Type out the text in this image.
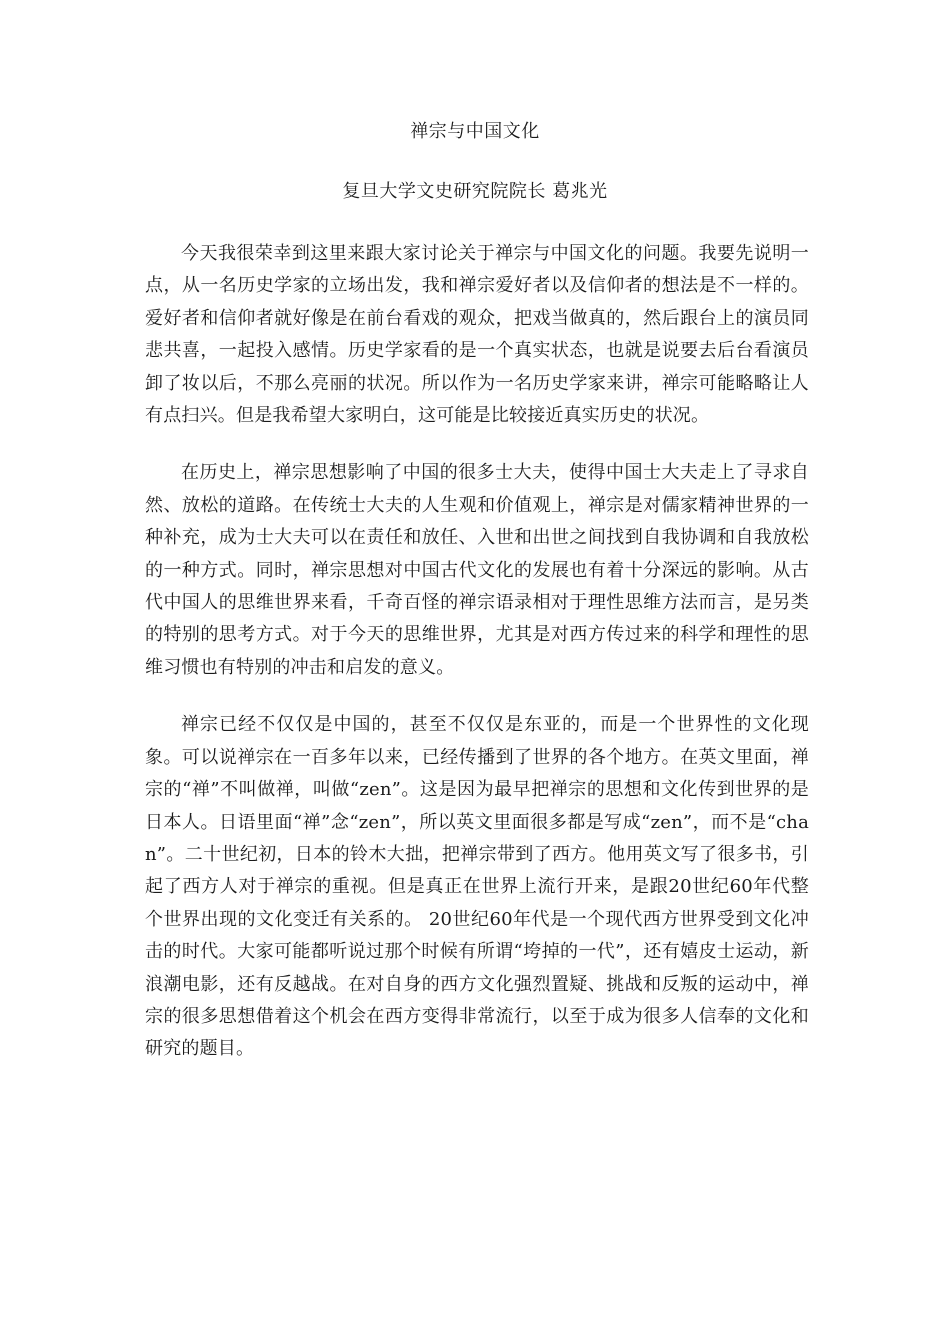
禅宗与中国文化
复旦大学文史研究院院长 葛兆光

今天我很荣幸到这里来跟大家讨论关于禅宗与中国文化的问题。我要先说明一点，从一名历史学家的立场出发，我和禅宗爱好者以及信仰者的想法是不一样的。爱好者和信仰者就好像是在前台看戏的观众，把戏当做真的，然后跟台上的演员同悲共喜，一起投入感情。历史学家看的是一个真实状态，也就是说要去后台看演员卸了妆以后，不那么亮丽的状况。所以作为一名历史学家来讲，禅宗可能略略让人有点扫兴。但是我希望大家明白，这可能是比较接近真实历史的状况。

在历史上，禅宗思想影响了中国的很多士大夫，使得中国士大夫走上了寻求自然、放松的道路。在传统士大夫的人生观和价值观上，禅宗是对儒家精神世界的一种补充，成为士大夫可以在责任和放任、入世和出世之间找到自我协调和自我放松的一种方式。同时，禅宗思想对中国古代文化的发展也有着十分深远的影响。从古代中国人的思维世界来看，千奇百怪的禅宗语录相对于理性思维方法而言，是另类的特别的思考方式。对于今天的思维世界，尤其是对西方传过来的科学和理性的思维习惯也有特别的冲击和启发的意义。

禅宗已经不仅仅是中国的，甚至不仅仅是东亚的，而是一个世界性的文化现象。可以说禅宗在一百多年以来，已经传播到了世界的各个地方。在英文里面，禅宗的“禅”不叫做禅，叫做“zen”。这是因为最早把禅宗的思想和文化传到世界的是日本人。日语里面“禅”念“zen”，所以英文里面很多都是写成“zen”，而不是“chan”。二十世纪初，日本的铃木大拙，把禅宗带到了西方。他用英文写了很多书，引起了西方人对于禅宗的重视。但是真正在世界上流行开来，是跟20世纪60年代整个世界出现的文化变迁有关系的。 20世纪60年代是一个现代西方世界受到文化冲击的时代。大家可能都听说过那个时候有所谓“垮掉的一代”，还有嬉皮士运动，新浪潮电影，还有反越战。在对自身的西方文化强烈置疑、挑战和反叛的运动中，禅宗的很多思想借着这个机会在西方变得非常流行，以至于成为很多人信奉的文化和研究的题目。
